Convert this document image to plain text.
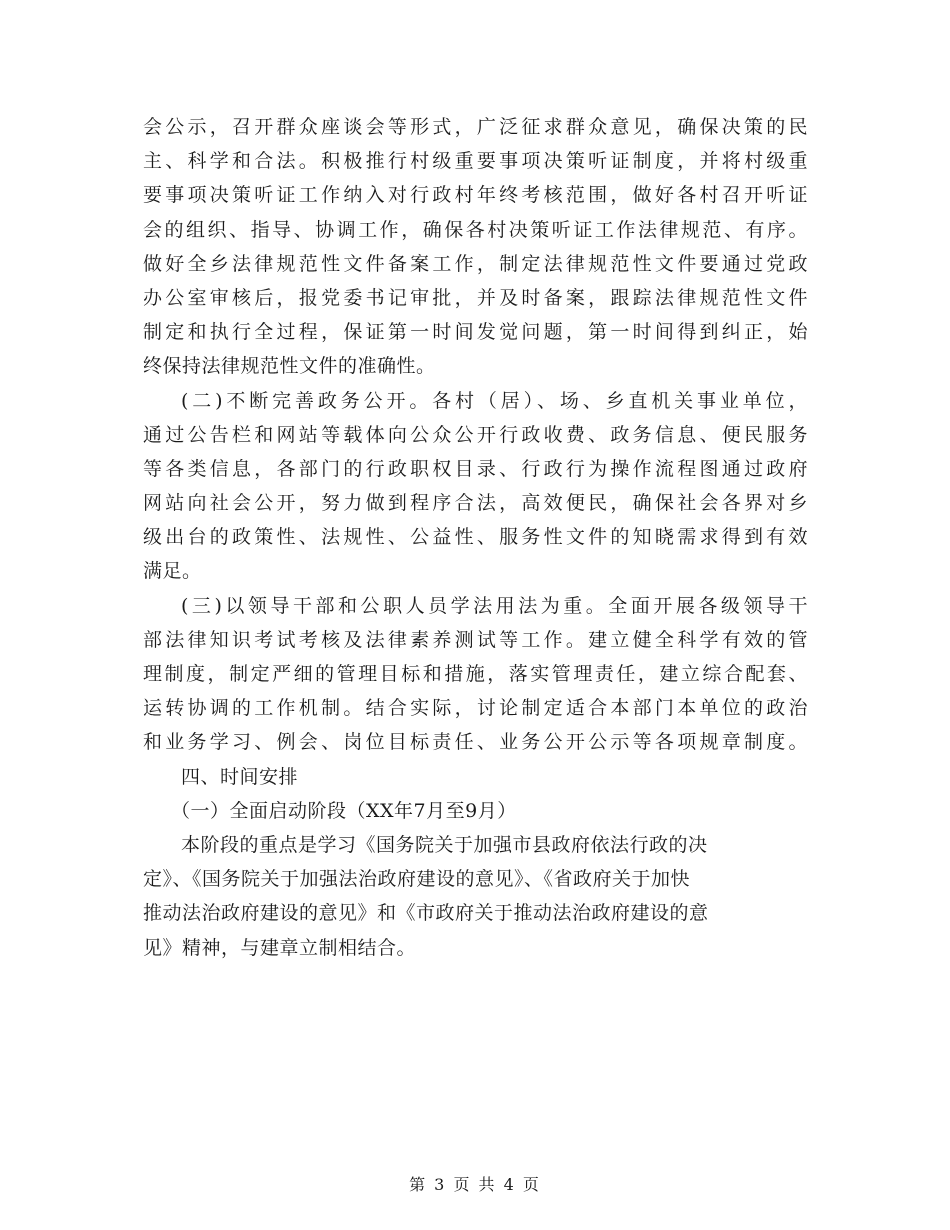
会公示，召开群众座谈会等形式，广泛征求群众意见，确保决策的民
主、科学和合法。积极推行村级重要事项决策听证制度，并将村级重
要事项决策听证工作纳入对行政村年终考核范围，做好各村召开听证
会的组织、指导、协调工作，确保各村决策听证工作法律规范、有序。
做好全乡法律规范性文件备案工作，制定法律规范性文件要通过党政
办公室审核后，报党委书记审批，并及时备案，跟踪法律规范性文件
制定和执行全过程，保证第一时间发觉问题，第一时间得到纠正，始
终保持法律规范性文件的准确性。
(二)不断完善政务公开。各村（居）、场、乡直机关事业单位，
通过公告栏和网站等载体向公众公开行政收费、政务信息、便民服务
等各类信息，各部门的行政职权目录、行政行为操作流程图通过政府
网站向社会公开，努力做到程序合法，高效便民，确保社会各界对乡
级出台的政策性、法规性、公益性、服务性文件的知晓需求得到有效
满足。
(三)以领导干部和公职人员学法用法为重。全面开展各级领导干
部法律知识考试考核及法律素养测试等工作。建立健全科学有效的管
理制度，制定严细的管理目标和措施，落实管理责任，建立综合配套、
运转协调的工作机制。结合实际，讨论制定适合本部门本单位的政治
和业务学习、例会、岗位目标责任、业务公开公示等各项规章制度。
四、时间安排
（一）全面启动阶段（XX年7月至9月）
本阶段的重点是学习《国务院关于加强市县政府依法行政的决
定》、《国务院关于加强法治政府建设的意见》、《省政府关于加快
推动法治政府建设的意见》和《市政府关于推动法治政府建设的意
见》精神，与建章立制相结合。
第 3 页 共 4 页
